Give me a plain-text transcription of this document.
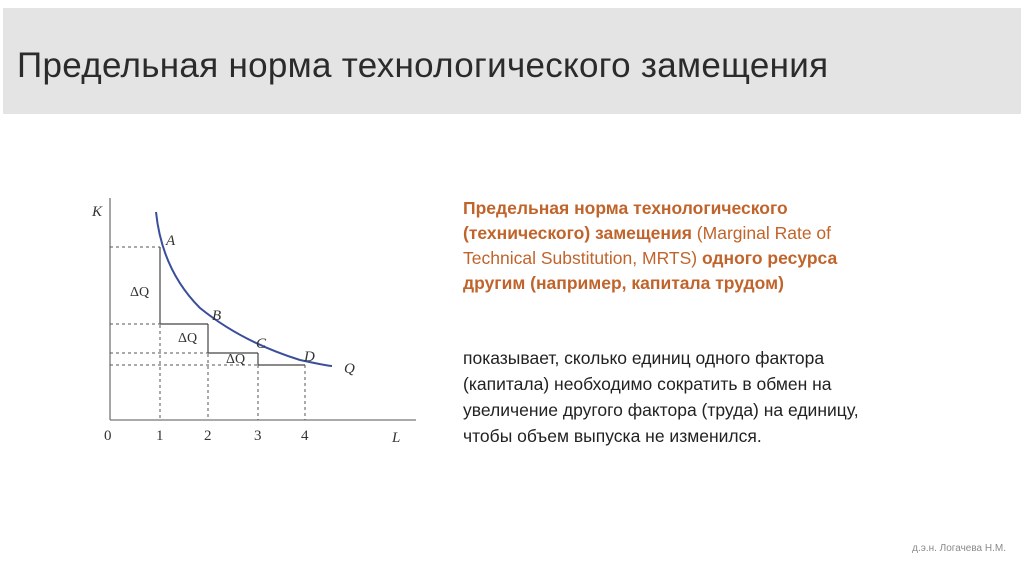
Предельная норма технологического замещения
K
L
0	1	2	3	4
A
B
C
D
Q
ΔQ
ΔQ
ΔQ
Предельная норма технологического
(технического) замещения (Marginal Rate of
Technical Substitution, MRTS) одного ресурса
другим (например, капитала трудом)
показывает, сколько единиц одного фактора
(капитала) необходимо сократить в обмен на
увеличение другого фактора (труда) на единицу,
чтобы объем выпуска не изменился.
д.э.н. Логачева Н.М.
